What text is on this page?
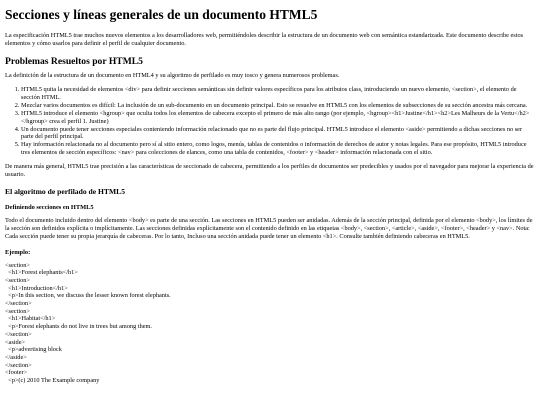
Secciones y líneas generales de un documento HTML5

La especificación HTML5 trae muchos nuevos elementos a los desarrolladores web, permitiéndoles describir la estructura de un documento web con semántica estandarizada. Este documento describe estos elementos y cómo usarlos para definir el perfil de cualquier documento.

Problemas Resueltos por HTML5

La definición de la estructura de un documento en HTML4 y su algoritmo de perfilado es muy tosco y genera numerosos problemas.

1. HTML5 quita la necesidad de elementos <div> para definir secciones semánticas sin definir valores específicos para los atributos class, introduciendo un nuevo elemento, <section>, el elemento de sección HTML.
2. Mezclar varios documentos es difícil: La inclusión de un sub-documento en un documento principal. Esto se resuelve en HTML5 con los elementos de subsecciones de su sección ancestra más cercana.
3. HTML5 introduce el elemento <hgroup> que oculta todos los elementos de cabecera excepto el primero de más alto rango (por ejemplo, <hgroup><h1>Justine</h1><h2>Les Malheurs de la Vertu</h2></hgroup> crea el perfil 1. Justine)
4. Un documento puede tener secciones especiales conteniendo información relacionado que no es parte del flujo principal. HTML5 introduce el elemento <aside> permitiendo a dichas secciones no ser parte del perfil principal.
5. Hay información relacionada no al documento pero sí al sitio entero, como logos, menús, tablas de contenidos o información de derechos de autor y notas legales. Para ese propósito, HTML5 introduce tres elementos de sección específicos: <nav> para colecciones de elances, como una tabla de contenidos, <footer> y <header> información relacionada con el sitio.

De manera más general, HTML5 trae precisión a las características de seccionado de cabecera, permitiendo a los perfiles de documentos ser predecibles y usados por el navegador para mejorar la experiencia de usuario.

El algoritmo de perfilado de HTML5
Definiendo secciones en HTML5

Todo el documento incluido dentro del elemento <body> es parte de una sección. Las secciones en HTML5 pueden ser anidadas. Además de la sección principal, definida por el elemento <body>, los límites de la sección son definidos explícita o implícitamente. Las secciones definidas explícitamente son el contenido definido en las etiquetas <body>, <section>, <article>, <aside>, <footer>, <header> y <nav>. Nota: Cada sección puede tener su propia jerarquía de cabeceras. Por lo tanto, Incluso una sección anidada puede tener un elemento <h1>. Consulte también definiendo cabeceras en HTML5.

Ejemplo:
<section>
<h1>Forest elephants</h1>
<section>
<h1>Introduction</h1>
<p>In this section, we discuss the lesser known forest elephants.
</section>
<section>
<h1>Habitat</h1>
<p>Forest elephants do not live in trees but among them.
</section>
<aside>
<p>advertising block
</aside>
</section>
<footer>
<p>(c) 2010 The Example company
